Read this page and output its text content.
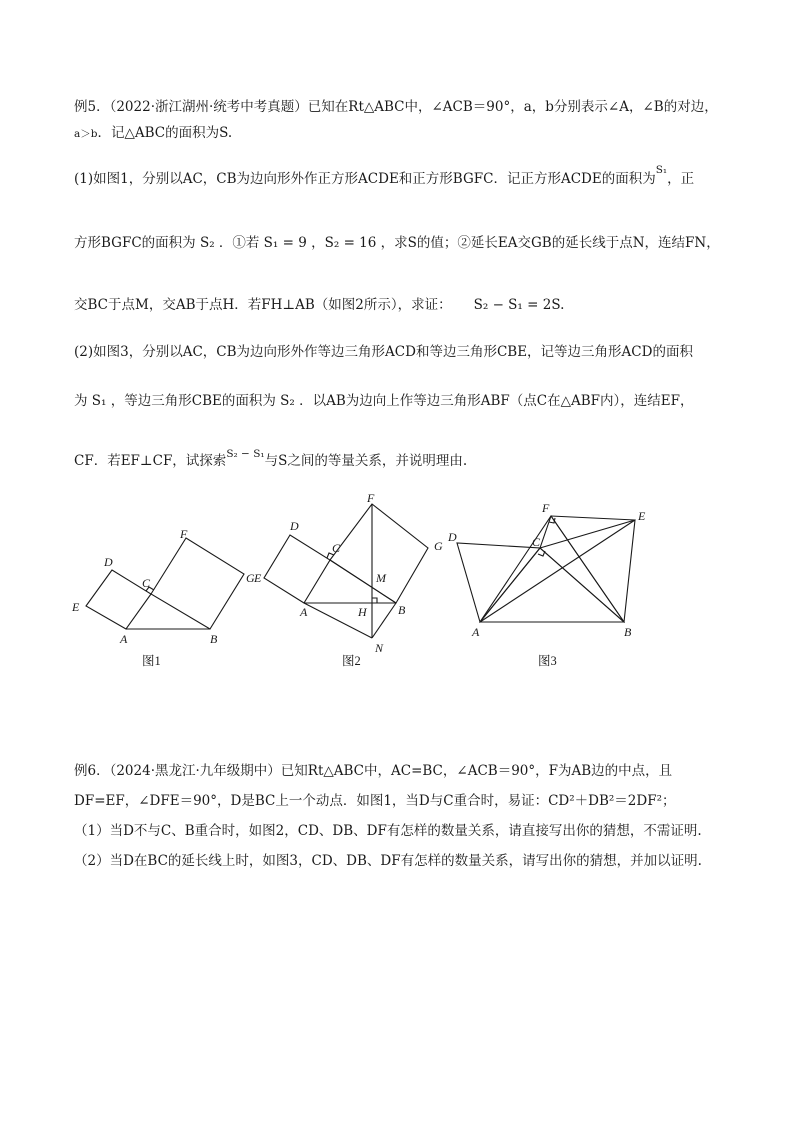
例5．（2022·浙江湖州·统考中考真题）已知在Rt△ABC中，∠ACB＝90°，a，b分别表示∠A，∠B的对边，
a＞b．记△ABC的面积为S.
(1)如图1，分别以AC，CB为边向形外作正方形ACDE和正方形BGFC．记正方形ACDE的面积为$^{S_1}$，正
方形BGFC的面积为 S₂ ．①若 S₁ = 9 ，S₂ = 16 ，求S的值；②延长EA交GB的延长线于点N，连结FN，
交BC于点M，交AB于点H．若FH⊥AB（如图2所示），求证： S₂ − S₁ = 2S.
(2)如图3，分别以AC，CB为边向形外作等边三角形ACD和等边三角形CBE，记等边三角形ACD的面积
为 S₁ ，等边三角形CBE的面积为 S₂ ．以AB为边向上作等边三角形ABF（点C在△ABF内），连结EF，
CF．若EF⊥CF，试探索$^{S_2 - S_1}$与S之间的等量关系，并说明理由.
D
E
C
F
G
A	B
图1
D
E
C
F
G
M
A	H	B
N
图2
F
E
D	C
A	B
图3
例6．（2024·黑龙江·九年级期中）已知Rt△ABC中，AC=BC，∠ACB＝90°，F为AB边的中点，且
DF=EF，∠DFE＝90°，D是BC上一个动点．如图1，当D与C重合时，易证：CD²＋DB²＝2DF²；
（1）当D不与C、B重合时，如图2，CD、DB、DF有怎样的数量关系，请直接写出你的猜想，不需证明.
（2）当D在BC的延长线上时，如图3，CD、DB、DF有怎样的数量关系，请写出你的猜想，并加以证明.
